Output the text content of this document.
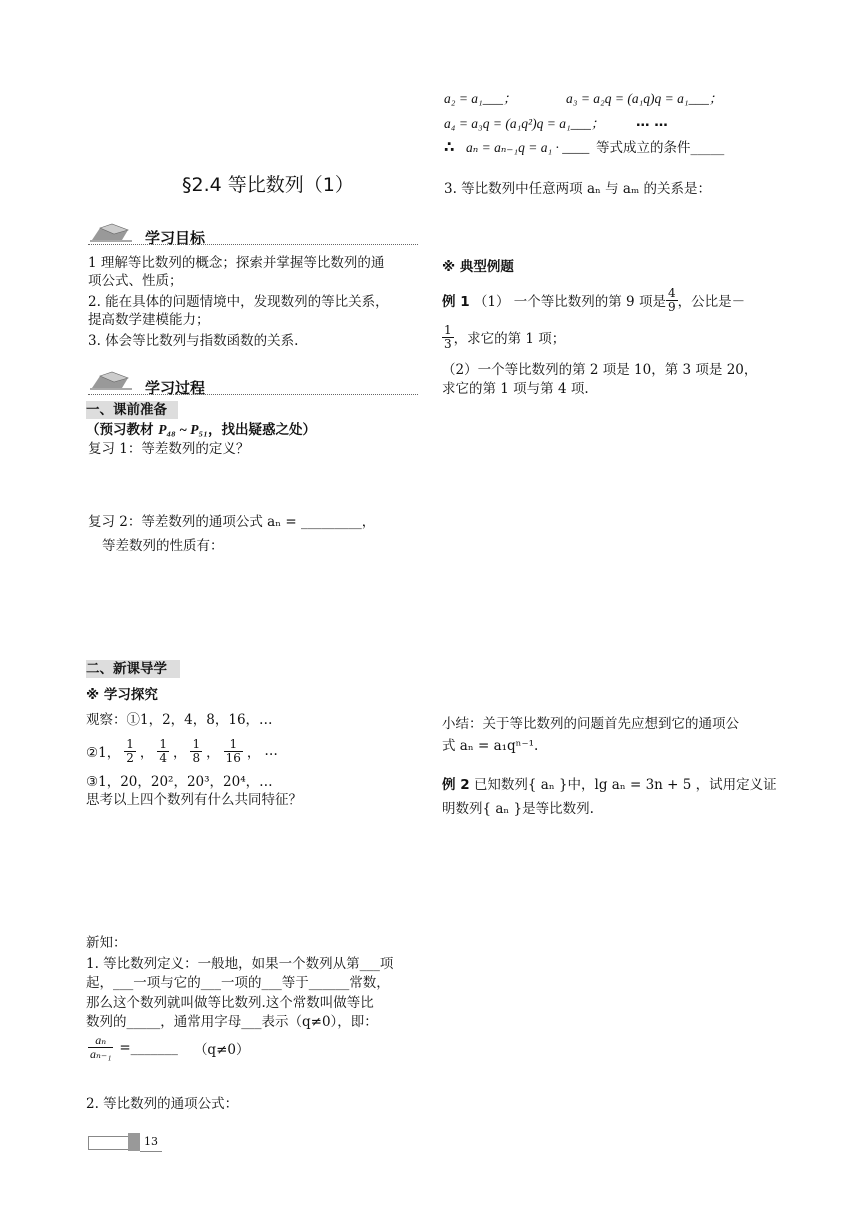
a₂ = a₁___；	a₃ = a₂q = (a₁q)q = a₁___；
a₄ = a₃q = (a₁q²)q = a₁___； … …
∴ aₙ = aₙ₋₁q = a₁ · ____ 等式成立的条件_____
§2.4 等比数列（1）	3. 等比数列中任意两项 aₙ 与 aₘ 的关系是：
学习目标
1 理解等比数列的概念；探索并掌握等比数列的通
项公式、性质；
2. 能在具体的问题情境中，发现数列的等比关系，
提高数学建模能力；
3. 体会等比数列与指数函数的关系.
学习过程
一、课前准备
（预习教材 P₄₈ ~ P₅₁，找出疑惑之处）
复习 1：等差数列的定义？
复习 2：等差数列的通项公式 aₙ = _________，
等差数列的性质有：
二、新课导学
※ 学习探究
观察：①1，2，4，8，16，…
②1， $\frac{1}{2}$ ， $\frac{1}{4}$ ， $\frac{1}{8}$ ， $\frac{1}{16}$ ， …
③1，20，20²，20³，20⁴，…
思考以上四个数列有什么共同特征？
新知：
1. 等比数列定义：一般地，如果一个数列从第___项
起，___一项与它的___一项的___等于______常数，
那么这个数列就叫做等比数列.这个常数叫做等比
数列的_____，通常用字母___表示（q≠0），即：
$\frac{\text{aₙ}}{\text{aₙ₋₁}}$ =_______ （q≠0）
2. 等比数列的通项公式：
※ 典型例题
例 1
（1） 一个等比数列的第 9 项是 $\frac{4}{9}$ ，公比是－
$\frac{1}{3}$ ，求它的第 1 项；
（2）一个等比数列的第 2 项是 10，第 3 项是 20，
求它的第 1 项与第 4 项.
小结：关于等比数列的问题首先应想到它的通项公
式 aₙ = a₁qⁿ⁻¹.
例 2 已知数列{ aₙ }中，lg aₙ = 3n + 5 ，试用定义证
明数列{ aₙ }是等比数列.
13
